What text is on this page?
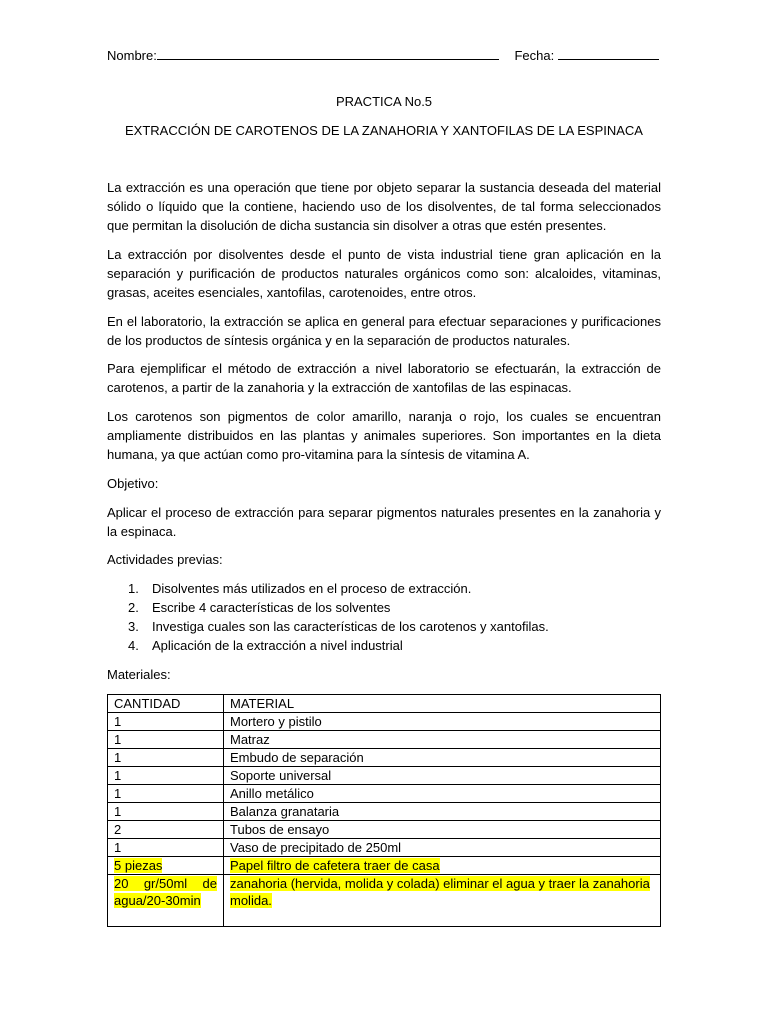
Nombre:	Fecha:
PRACTICA No.5
EXTRACCIÓN DE CAROTENOS DE LA ZANAHORIA Y XANTOFILAS DE LA ESPINACA

La extracción es una operación que tiene por objeto separar la sustancia deseada del material sólido o líquido que la contiene, haciendo uso de los disolventes, de tal forma seleccionados que permitan la disolución de dicha sustancia sin disolver a otras que estén presentes.

La extracción por disolventes desde el punto de vista industrial tiene gran aplicación en la separación y purificación de productos naturales orgánicos como son: alcaloides, vitaminas, grasas, aceites esenciales, xantofilas, carotenoides, entre otros.

En el laboratorio, la extracción se aplica en general para efectuar separaciones y purificaciones de los productos de síntesis orgánica y en la separación de productos naturales.

Para ejemplificar el método de extracción a nivel laboratorio se efectuarán, la extracción de carotenos, a partir de la zanahoria y la extracción de xantofilas de las espinacas.

Los carotenos son pigmentos de color amarillo, naranja o rojo, los cuales se encuentran ampliamente distribuidos en las plantas y animales superiores. Son importantes en la dieta humana, ya que actúan como pro-vitamina para la síntesis de vitamina A.

Objetivo:

Aplicar el proceso de extracción para separar pigmentos naturales presentes en la zanahoria y la espinaca.

Actividades previas:

1. Disolventes más utilizados en el proceso de extracción.
2. Escribe 4 características de los solventes
3. Investiga cuales son las características de los carotenos y xantofilas.
4. Aplicación de la extracción a nivel industrial

Materiales:

CANTIDAD	MATERIAL
1	Mortero y pistilo
1	Matraz
1	Embudo de separación
1	Soporte universal
1	Anillo metálico
1	Balanza granataria
2	Tubos de ensayo
1	Vaso de precipitado de 250ml
5 piezas	Papel filtro de cafetera traer de casa
20 gr/50ml de agua/20-30min	zanahoria (hervida, molida y colada) eliminar el agua y traer la zanahoria molida.
